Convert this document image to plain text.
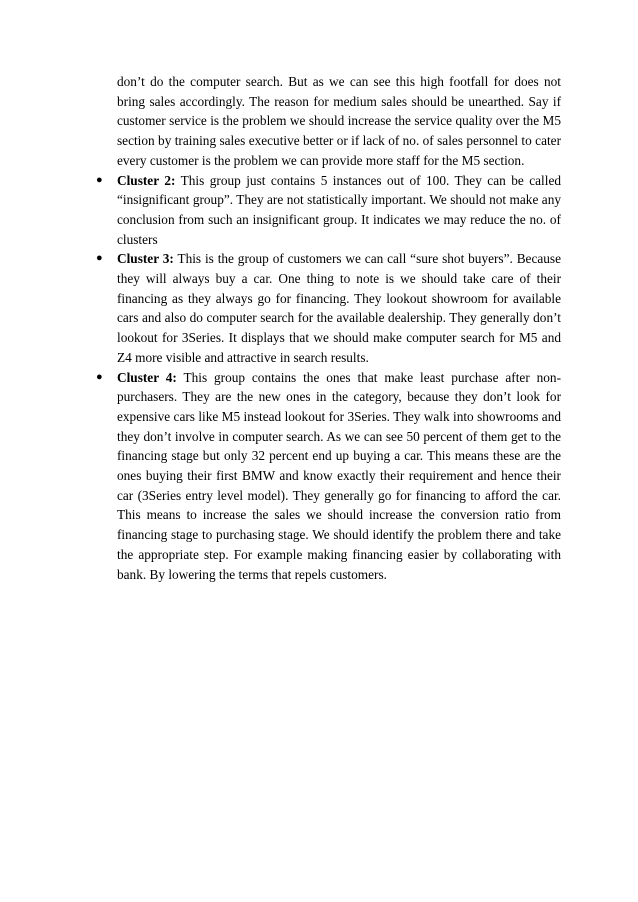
don’t do the computer search. But as we can see this high footfall for does not bring sales accordingly. The reason for medium sales should be unearthed. Say if customer service is the problem we should increase the service quality over the M5 section by training sales executive better or if lack of no. of sales personnel to cater every customer is the problem we can provide more staff for the M5 section.

● Cluster 2: This group just contains 5 instances out of 100. They can be called “insignificant group”. They are not statistically important. We should not make any conclusion from such an insignificant group. It indicates we may reduce the no. of clusters
● Cluster 3: This is the group of customers we can call “sure shot buyers”. Because they will always buy a car. One thing to note is we should take care of their financing as they always go for financing. They lookout showroom for available cars and also do computer search for the available dealership. They generally don’t lookout for 3Series. It displays that we should make computer search for M5 and Z4 more visible and attractive in search results.
● Cluster 4: This group contains the ones that make least purchase after non-purchasers. They are the new ones in the category, because they don’t look for expensive cars like M5 instead lookout for 3Series. They walk into showrooms and they don’t involve in computer search. As we can see 50 percent of them get to the financing stage but only 32 percent end up buying a car. This means these are the ones buying their first BMW and know exactly their requirement and hence their car (3Series entry level model). They generally go for financing to afford the car. This means to increase the sales we should increase the conversion ratio from financing stage to purchasing stage. We should identify the problem there and take the appropriate step. For example making financing easier by collaborating with bank. By lowering the terms that repels customers.
